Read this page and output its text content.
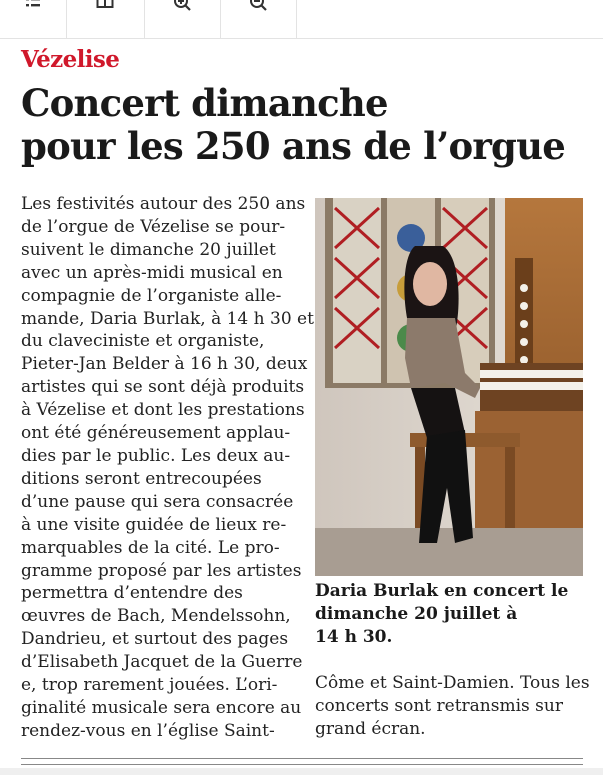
Vézelise
Concert dimanche
pour les 250 ans de l’orgue
Les festivités autour des 250 ans
de l’orgue de Vézelise se pour-
suivent le dimanche 20 juillet
avec un après-midi musical en
compagnie de l’organiste alle-
mande, Daria Burlak, à 14 h 30 et
du claveciniste et organiste,
Pieter-Jan Belder à 16 h 30, deux
artistes qui se sont déjà produits
à Vézelise et dont les prestations
ont été généreusement applau-
dies par le public. Les deux au-
ditions seront entrecoupées
d’une pause qui sera consacrée
à une visite guidée de lieux re-
marquables de la cité. Le pro-
gramme proposé par les artistes
permettra d’entendre des
œuvres de Bach, Mendelssohn,
Dandrieu, et surtout des pages
d’Elisabeth Jacquet de la Guerre
e, trop rarement jouées. L’ori-
ginalité musicale sera encore au
rendez-vous en l’église Saint-
Daria Burlak en concert le
dimanche 20 juillet à
14 h 30.
Côme et Saint-Damien. Tous les
concerts sont retransmis sur
grand écran.
